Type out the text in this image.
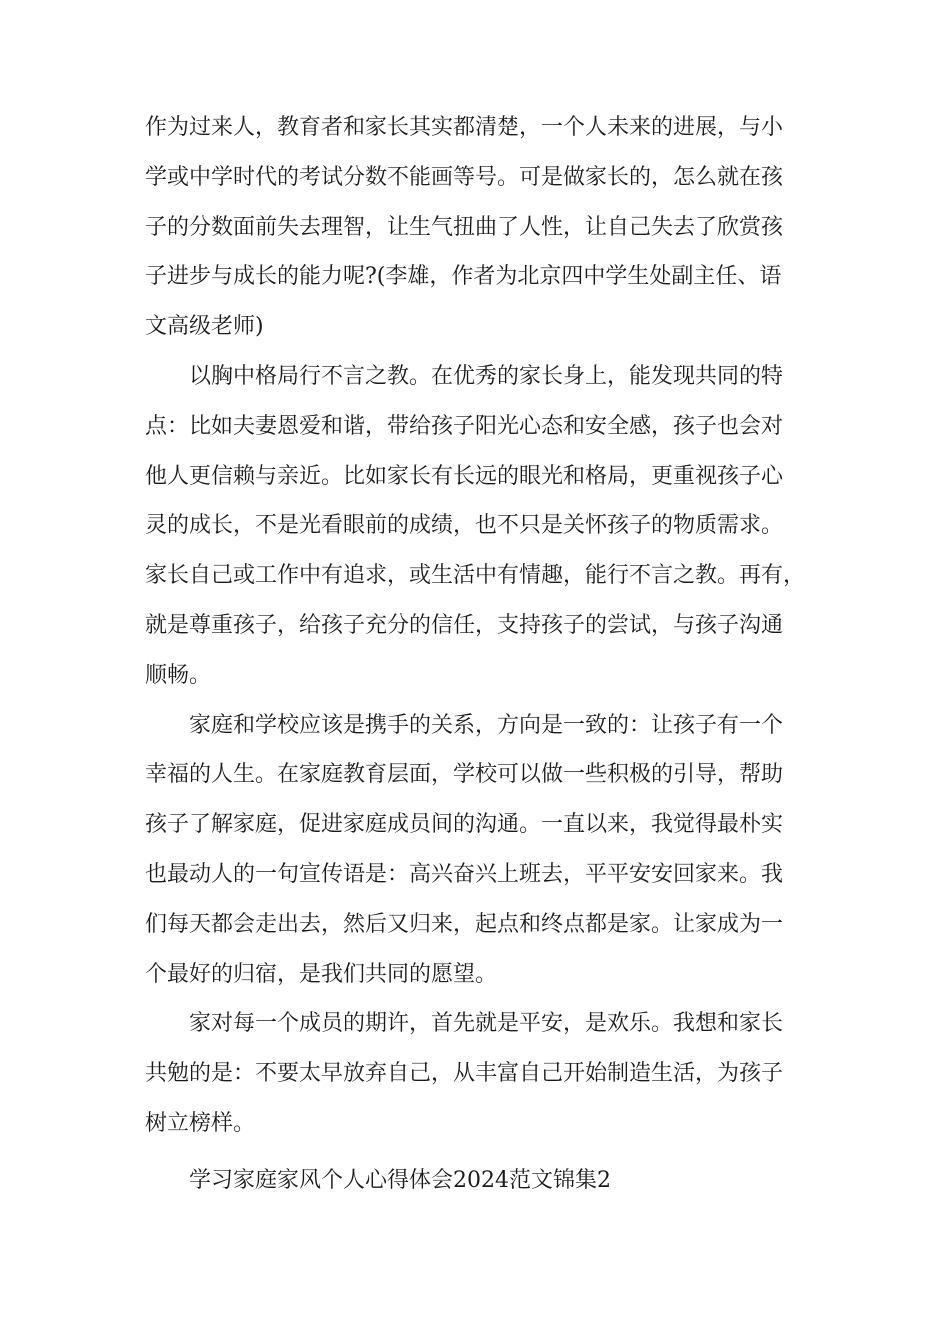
作为过来人，教育者和家长其实都清楚，一个人未来的进展，与小
学或中学时代的考试分数不能画等号。可是做家长的，怎么就在孩
子的分数面前失去理智，让生气扭曲了人性，让自己失去了欣赏孩
子进步与成长的能力呢?(李雄，作者为北京四中学生处副主任、语
文高级老师)
　　以胸中格局行不言之教。在优秀的家长身上，能发现共同的特
点：比如夫妻恩爱和谐，带给孩子阳光心态和安全感，孩子也会对
他人更信赖与亲近。比如家长有长远的眼光和格局，更重视孩子心
灵的成长，不是光看眼前的成绩，也不只是关怀孩子的物质需求。
家长自己或工作中有追求，或生活中有情趣，能行不言之教。再有，
就是尊重孩子，给孩子充分的信任，支持孩子的尝试，与孩子沟通
顺畅。
　　家庭和学校应该是携手的关系，方向是一致的：让孩子有一个
幸福的人生。在家庭教育层面，学校可以做一些积极的引导，帮助
孩子了解家庭，促进家庭成员间的沟通。一直以来，我觉得最朴实
也最动人的一句宣传语是：高兴奋兴上班去，平平安安回家来。我
们每天都会走出去，然后又归来，起点和终点都是家。让家成为一
个最好的归宿，是我们共同的愿望。
　　家对每一个成员的期许，首先就是平安，是欢乐。我想和家长
共勉的是：不要太早放弃自己，从丰富自己开始制造生活，为孩子
树立榜样。
　　学习家庭家风个人心得体会2024范文锦集2
